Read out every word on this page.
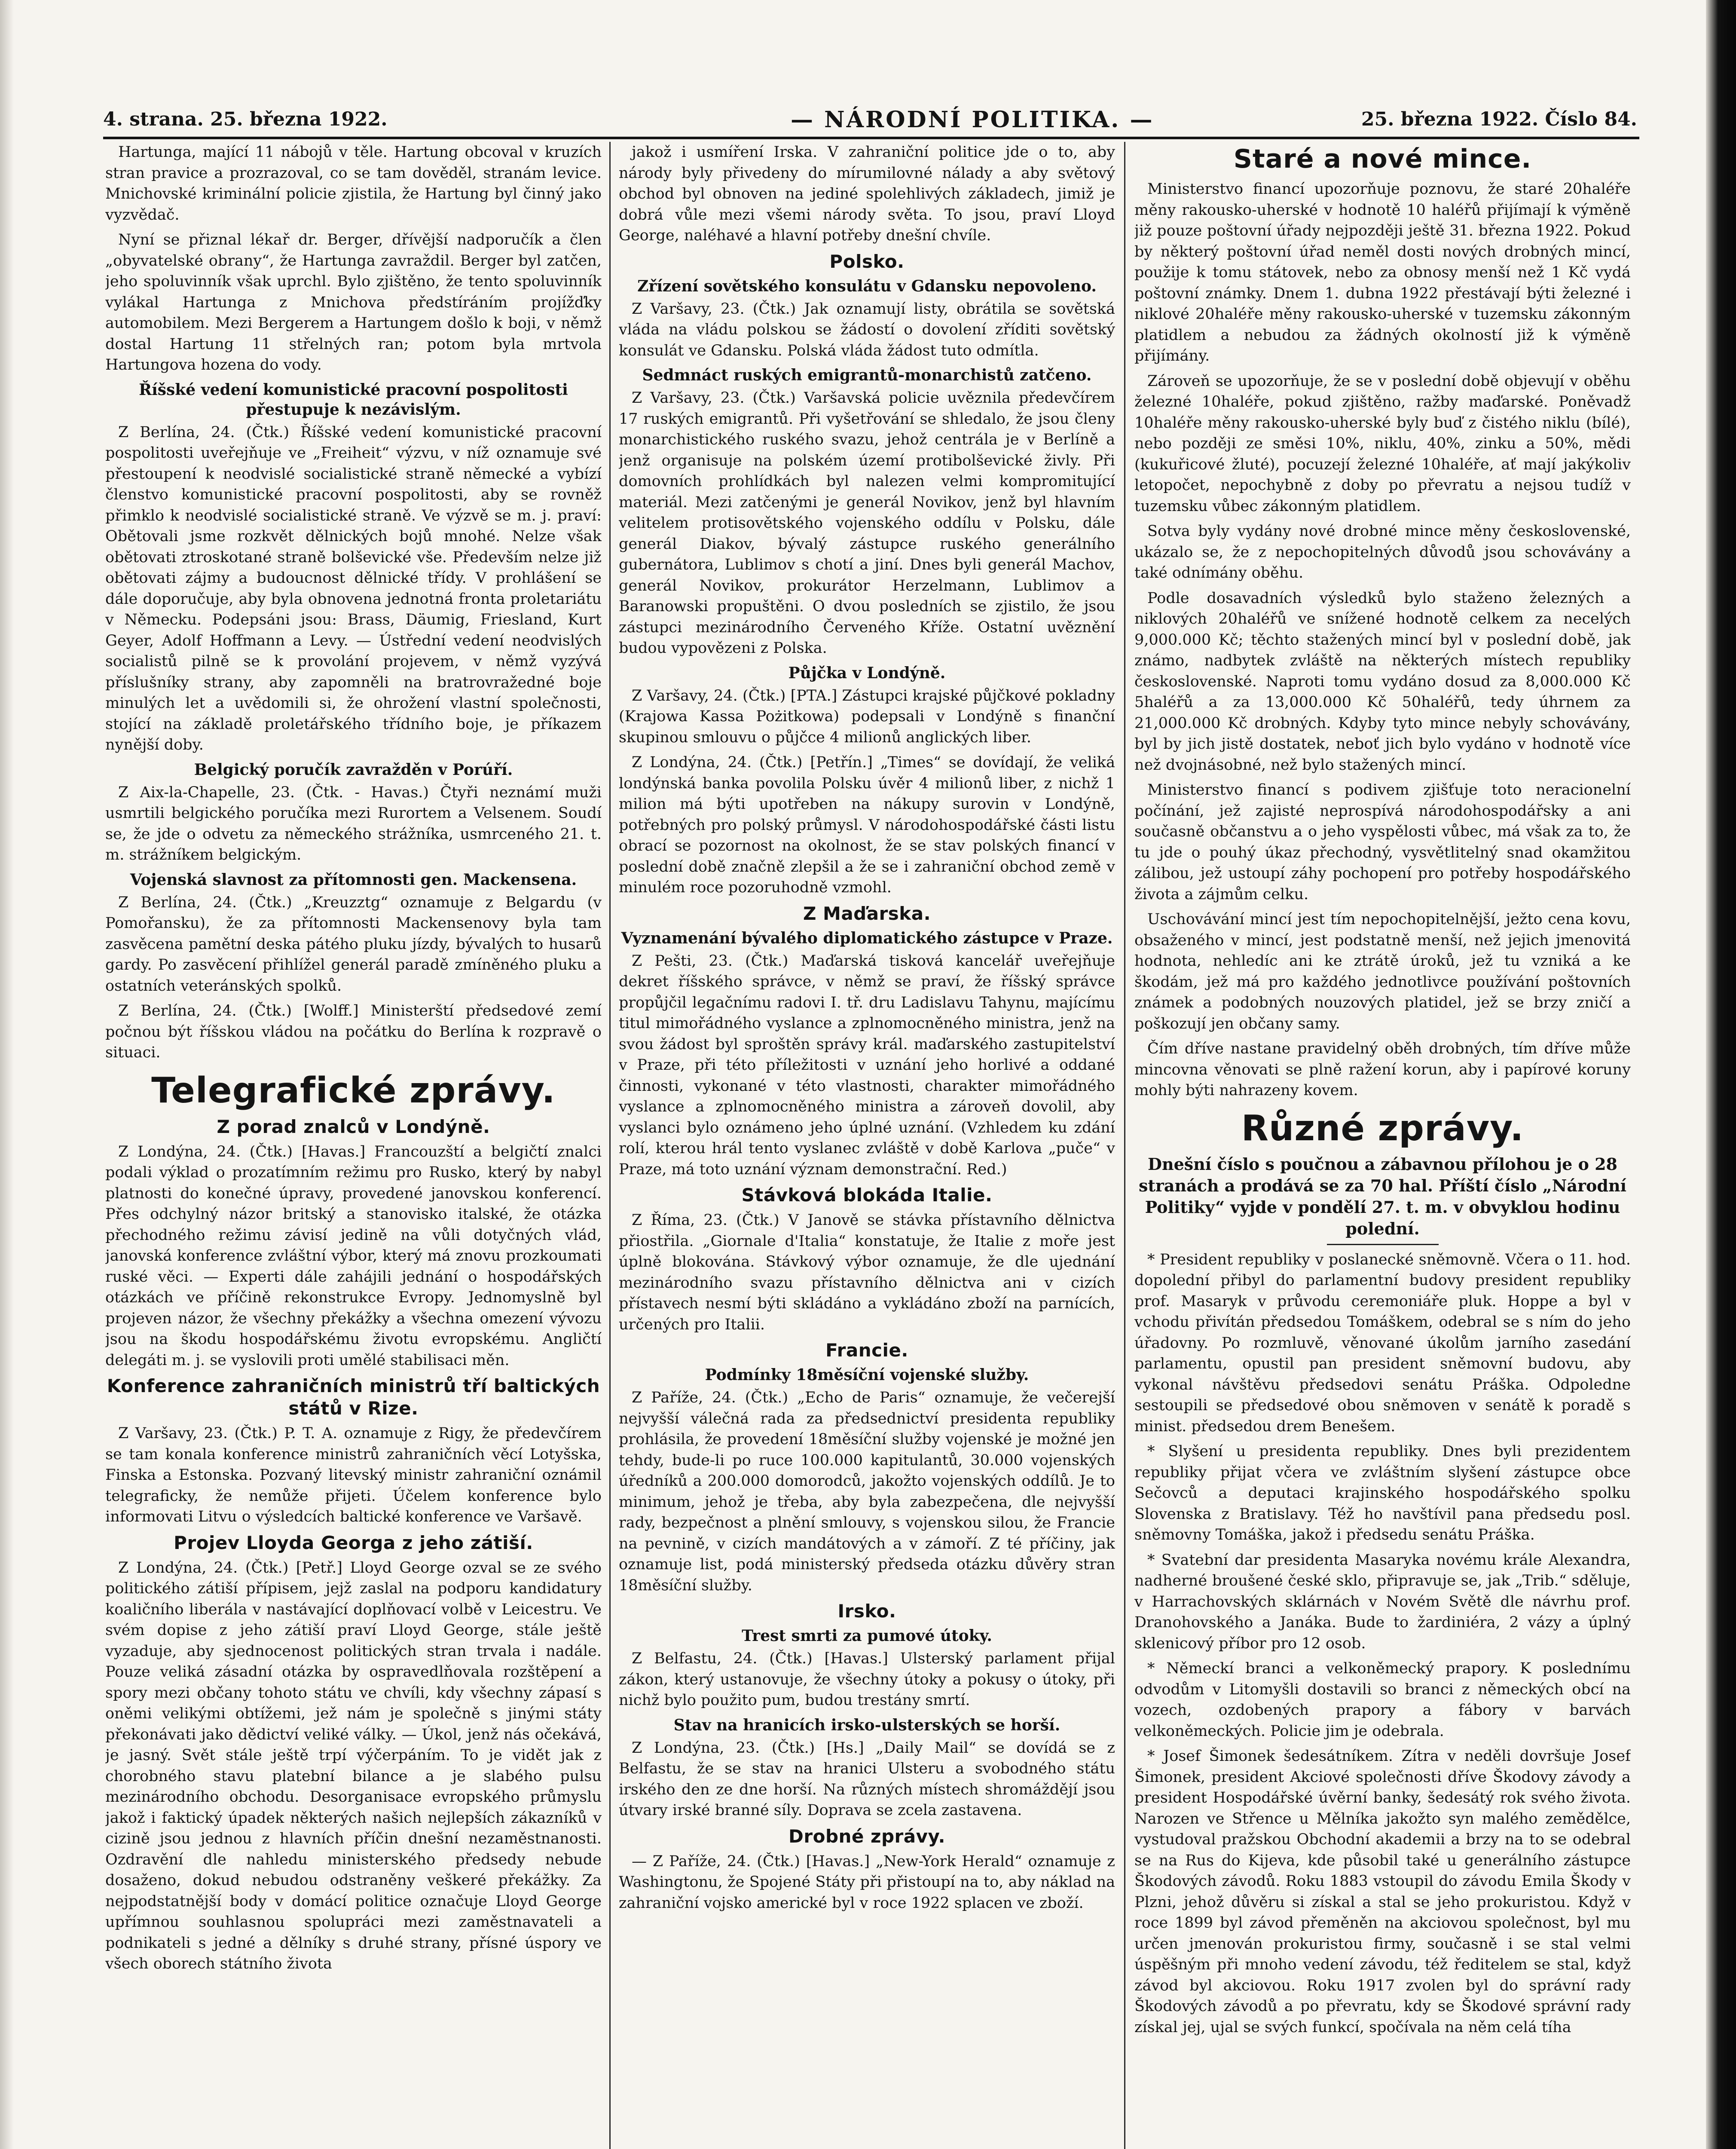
4. strana. 25. března 1922.	— NÁRODNÍ POLITIKA. —	25. března 1922. Číslo 84.

Hartunga, mající 11 nábojů v těle. Hartung obcoval v kruzích stran pravice a prozrazoval, co se tam dověděl, stranám levice. Mnichovské kriminální policie zjistila, že Hartung byl činný jako vyzvědač.

Nyní se přiznal lékař dr. Berger, dřívější nadporučík a člen „obyvatelské obrany“, že Hartunga zavraždil. Berger byl zatčen, jeho spoluvinník však uprchl. Bylo zjištěno, že tento spoluvinník vylákal Hartunga z Mnichova předstíráním projížďky automobilem. Mezi Bergerem a Hartungem došlo k boji, v němž dostal Hartung 11 střelných ran; potom byla mrtvola Hartungova hozena do vody.

Říšské vedení komunistické pracovní pospolitosti přestupuje k nezávislým.

Z Berlína, 24. (Čtk.) Říšské vedení komunistické pracovní pospolitosti uveřejňuje ve „Freiheit“ výzvu, v níž oznamuje své přestoupení k neodvislé socialistické straně německé a vybízí členstvo komunistické pracovní pospolitosti, aby se rovněž přimklo k neodvislé socialistické straně. Ve výzvě se m. j. praví: Obětovali jsme rozkvět dělnických bojů mnohé. Nelze však obětovati ztroskotané straně bolševické vše. Především nelze již obětovati zájmy a budoucnost dělnické třídy. V prohlášení se dále doporučuje, aby byla obnovena jednotná fronta proletariátu v Německu. Podepsáni jsou: Brass, Däumig, Friesland, Kurt Geyer, Adolf Hoffmann a Levy. — Ústřední vedení neodvislých socialistů pilně se k provolání projevem, v němž vyzývá příslušníky strany, aby zapomněli na bratrovražedné boje minulých let a uvědomili si, že ohrožení vlastní společnosti, stojící na základě proletářského třídního boje, je příkazem nynější doby.

Belgický poručík zavražděn v Porúří.

Z Aix-la-Chapelle, 23. (Čtk. - Havas.) Čtyři neznámí muži usmrtili belgického poručíka mezi Rurortem a Velsenem. Soudí se, že jde o odvetu za německého strážníka, usmrceného 21. t. m. strážníkem belgickým.

Vojenská slavnost za přítomnosti gen. Mackensena.

Z Berlína, 24. (Čtk.) „Kreuzztg“ oznamuje z Belgardu (v Pomořansku), že za přítomnosti Mackensenovy byla tam zasvěcena pamětní deska pátého pluku jízdy, bývalých to husarů gardy. Po zasvěcení přihlížel generál paradě zmíněného pluku a ostatních veteránských spolků.

Z Berlína, 24. (Čtk.) [Wolff.] Ministerští předsedové zemí počnou být říšskou vládou na počátku do Berlína k rozpravě o situaci.

Telegrafické zprávy.
Z porad znalců v Londýně.

Z Londýna, 24. (Čtk.) [Havas.] Francouzští a belgičtí znalci podali výklad o prozatímním režimu pro Rusko, který by nabyl platnosti do konečné úpravy, provedené janovskou konferencí. Přes odchylný názor britský a stanovisko italské, že otázka přechodného režimu závisí jedině na vůli dotyčných vlád, janovská konference zvláštní výbor, který má znovu prozkoumati ruské věci. — Experti dále zahájili jednání o hospodářských otázkách ve příčině rekonstrukce Evropy. Jednomyslně byl projeven názor, že všechny překážky a všechna omezení vývozu jsou na škodu hospodářskému životu evropskému. Angličtí delegáti m. j. se vyslovili proti umělé stabilisaci měn.

Konference zahraničních ministrů tří baltických států v Rize.

Z Varšavy, 23. (Čtk.) P. T. A. oznamuje z Rigy, že předevčírem se tam konala konference ministrů zahraničních věcí Lotyšska, Finska a Estonska. Pozvaný litevský ministr zahraniční oznámil telegraficky, že nemůže přijeti. Účelem konference bylo informovati Litvu o výsledcích baltické konference ve Varšavě.

Projev Lloyda Georga z jeho zátiší.

Z Londýna, 24. (Čtk.) [Petř.] Lloyd George ozval se ze svého politického zátiší přípisem, jejž zaslal na podporu kandidatury koaličního liberála v nastávající doplňovací volbě v Leicestru. Ve svém dopise z jeho zátiší praví Lloyd George, stále ještě vyzaduje, aby sjednocenost politických stran trvala i nadále. Pouze veliká zásadní otázka by ospravedlňovala rozštěpení a spory mezi občany tohoto státu ve chvíli, kdy všechny zápasí s oněmi velikými obtížemi, jež nám je společně s jinými státy překonávati jako dědictví veliké války. — Úkol, jenž nás očekává, je jasný. Svět stále ještě trpí výčerpáním. To je vidět jak z chorobného stavu platební bilance a je slabého pulsu mezinárodního obchodu. Desorganisace evropského průmyslu jakož i faktický úpadek některých našich nejlepších zákazníků v cizině jsou jednou z hlavních příčin dnešní nezaměstnanosti. Ozdravění dle nahledu ministerského předsedy nebude dosaženo, dokud nebudou odstraněny veškeré překážky. Za nejpodstatnější body v domácí politice označuje Lloyd George upřímnou souhlasnou spolupráci mezi zaměstnavateli a podnikateli s jedné a dělníky s druhé strany, přísné úspory ve všech oborech státního života

jakož i usmíření Irska. V zahraniční politice jde o to, aby národy byly přivedeny do mírumilovné nálady a aby světový obchod byl obnoven na jediné spolehlivých základech, jimiž je dobrá vůle mezi všemi národy světa. To jsou, praví Lloyd George, naléhavé a hlavní potřeby dnešní chvíle.

Polsko.
Zřízení sovětského konsulátu v Gdansku nepovoleno.

Z Varšavy, 23. (Čtk.) Jak oznamují listy, obrátila se sovětská vláda na vládu polskou se žádostí o dovolení zříditi sovětský konsulát ve Gdansku. Polská vláda žádost tuto odmítla.

Sedmnáct ruských emigrantů-monarchistů zatčeno.

Z Varšavy, 23. (Čtk.) Varšavská policie uvěznila předevčírem 17 ruských emigrantů. Při vyšetřování se shledalo, že jsou členy monarchistického ruského svazu, jehož centrála je v Berlíně a jenž organisuje na polském území protibolševické živly. Při domovních prohlídkách byl nalezen velmi kompromitující materiál. Mezi zatčenými je generál Novikov, jenž byl hlavním velitelem protisovětského vojenského oddílu v Polsku, dále generál Diakov, bývalý zástupce ruského generálního gubernátora, Lublimov s chotí a jiní. Dnes byli generál Machov, generál Novikov, prokurátor Herzelmann, Lublimov a Baranowski propuštěni. O dvou posledních se zjistilo, že jsou zástupci mezinárodního Červeného Kříže. Ostatní uvěznění budou vypovězeni z Polska.

Půjčka v Londýně.

Z Varšavy, 24. (Čtk.) [PTA.] Zástupci krajské půjčkové pokladny (Krajowa Kassa Pożitkowa) podepsali v Londýně s finanční skupinou smlouvu o půjčce 4 milionů anglických liber.

Z Londýna, 24. (Čtk.) [Petřín.] „Times“ se dovídají, že veliká londýnská banka povolila Polsku úvěr 4 milionů liber, z nichž 1 milion má býti upotřeben na nákupy surovin v Londýně, potřebných pro polský průmysl. V národohospodářské části listu obrací se pozornost na okolnost, že se stav polských financí v poslední době značně zlepšil a že se i zahraniční obchod země v minulém roce pozoruhodně vzmohl.

Z Maďarska.
Vyznamenání bývalého diplomatického zástupce v Praze.

Z Pešti, 23. (Čtk.) Maďarská tisková kancelář uveřejňuje dekret říšského správce, v němž se praví, že říšský správce propůjčil legačnímu radovi I. tř. dru Ladislavu Tahynu, majícímu titul mimořádného vyslance a zplnomocněného ministra, jenž na svou žádost byl sproštěn správy král. maďarského zastupitelství v Praze, při této příležitosti v uznání jeho horlivé a oddané činnosti, vykonané v této vlastnosti, charakter mimořádného vyslance a zplnomocněného ministra a zároveň dovolil, aby vyslanci bylo oznámeno jeho úplné uznání. (Vzhledem ku zdání rolí, kterou hrál tento vyslanec zvláště v době Karlova „puče“ v Praze, má toto uznání význam demonstrační. Red.)

Stávková blokáda Italie.

Z Říma, 23. (Čtk.) V Janově se stávka přístavního dělnictva přiostřila. „Giornale d'Italia“ konstatuje, že Italie z moře jest úplně blokována. Stávkový výbor oznamuje, že dle ujednání mezinárodního svazu přístavního dělnictva ani v cizích přístavech nesmí býti skládáno a vykládáno zboží na parnících, určených pro Italii.

Francie.
Podmínky 18měsíční vojenské služby.

Z Paříže, 24. (Čtk.) „Echo de Paris“ oznamuje, že večerejší nejvyšší válečná rada za předsednictví presidenta republiky prohlásila, že provedení 18měsíční služby vojenské je možné jen tehdy, bude-li po ruce 100.000 kapitulantů, 30.000 vojenských úředníků a 200.000 domorodců, jakožto vojenských oddílů. Je to minimum, jehož je třeba, aby byla zabezpečena, dle nejvyšší rady, bezpečnost a plnění smlouvy, s vojenskou silou, že Francie na pevnině, v cizích mandátových a v zámoří. Z té příčiny, jak oznamuje list, podá ministerský předseda otázku důvěry stran 18měsíční služby.

Irsko.
Trest smrti za pumové útoky.

Z Belfastu, 24. (Čtk.) [Havas.] Ulsterský parlament přijal zákon, který ustanovuje, že všechny útoky a pokusy o útoky, při nichž bylo použito pum, budou trestány smrtí.

Stav na hranicích irsko-ulsterských se horší.

Z Londýna, 23. (Čtk.) [Hs.] „Daily Mail“ se dovídá se z Belfastu, že se stav na hranici Ulsteru a svobodného státu irského den ze dne horší. Na různých místech shromáždějí jsou útvary irské branné síly. Doprava se zcela zastavena.

Drobné zprávy.

— Z Paříže, 24. (Čtk.) [Havas.] „New-York Herald“ oznamuje z Washingtonu, že Spojené Státy při přistoupí na to, aby náklad na zahraniční vojsko americké byl v roce 1922 splacen ve zboží.

Staré a nové mince.

Ministerstvo financí upozorňuje poznovu, že staré 20haléře měny rakousko-uherské v hodnotě 10 haléřů přijímají k výměně již pouze poštovní úřady nejpozději ještě 31. března 1922. Pokud by některý poštovní úřad neměl dosti nových drobných mincí, použije k tomu státovek, nebo za obnosy menší než 1 Kč vydá poštovní známky. Dnem 1. dubna 1922 přestávají býti železné i niklové 20haléře měny rakousko-uherské v tuzemsku zákonným platidlem a nebudou za žádných okolností již k výměně přijímány.

Zároveň se upozorňuje, že se v poslední době objevují v oběhu železné 10haléře, pokud zjištěno, ražby maďarské. Poněvadž 10haléře měny rakousko-uherské byly buď z čistého niklu (bílé), nebo později ze směsi 10%, niklu, 40%, zinku a 50%, mědi (kukuřicové žluté), pocuzejí železné 10haléře, ať mají jakýkoliv letopočet, nepochybně z doby po převratu a nejsou tudíž v tuzemsku vůbec zákonným platidlem.

Sotva byly vydány nové drobné mince měny československé, ukázalo se, že z nepochopitelných důvodů jsou schovávány a také odnímány oběhu.

Podle dosavadních výsledků bylo staženo železných a niklových 20haléřů ve snížené hodnotě celkem za necelých 9,000.000 Kč; těchto stažených mincí byl v poslední době, jak známo, nadbytek zvláště na některých místech republiky československé. Naproti tomu vydáno dosud za 8,000.000 Kč 5haléřů a za 13,000.000 Kč 50haléřů, tedy úhrnem za 21,000.000 Kč drobných. Kdyby tyto mince nebyly schovávány, byl by jich jistě dostatek, neboť jich bylo vydáno v hodnotě více než dvojnásobné, než bylo stažených mincí.

Ministerstvo financí s podivem zjišťuje toto neracionelní počínání, jež zajisté neprospívá národohospodářsky a ani současně občanstvu a o jeho vyspělosti vůbec, má však za to, že tu jde o pouhý úkaz přechodný, vysvětlitelný snad okamžitou zálibou, jež ustoupí záhy pochopení pro potřeby hospodářského života a zájmům celku.

Uschovávání mincí jest tím nepochopitelnější, ježto cena kovu, obsaženého v mincí, jest podstatně menší, než jejich jmenovitá hodnota, nehledíc ani ke ztrátě úroků, jež tu vzniká a ke škodám, jež má pro každého jednotlivce používání poštovních známek a podobných nouzových platidel, jež se brzy zničí a poškozují jen občany samy.

Čím dříve nastane pravidelný oběh drobných, tím dříve může mincovna věnovati se plně ražení korun, aby i papírové koruny mohly býti nahrazeny kovem.

Různé zprávy.

Dnešní číslo s poučnou a zábavnou přílohou je o 28 stranách a prodává se za 70 hal. Příští číslo „Národní Politiky“ vyjde v pondělí 27. t. m. v obvyklou hodinu polední.

* President republiky v poslanecké sněmovně. Včera o 11. hod. dopolední přibyl do parlamentní budovy president republiky prof. Masaryk v průvodu ceremoniáře pluk. Hoppe a byl v vchodu přivítán předsedou Tomáškem, odebral se s ním do jeho úřadovny. Po rozmluvě, věnované úkolům jarního zasedání parlamentu, opustil pan president sněmovní budovu, aby vykonal návštěvu předsedovi senátu Práška. Odpoledne sestoupili se předsedové obou sněmoven v senátě k poradě s minist. předsedou drem Benešem.

* Slyšení u presidenta republiky. Dnes byli prezidentem republiky přijat včera ve zvláštním slyšení zástupce obce Sečovců a deputaci krajinského hospodářského spolku Slovenska z Bratislavy. Též ho navštívil pana předsedu posl. sněmovny Tomáška, jakož i předsedu senátu Práška.

* Svatební dar presidenta Masaryka novému krále Alexandra, nadherné broušené české sklo, připravuje se, jak „Trib.“ sděluje, v Harrachovských sklárnách v Novém Světě dle návrhu prof. Dranohovského a Janáka. Bude to žardiniéra, 2 vázy a úplný sklenicový příbor pro 12 osob.

* Německí branci a velkoněmecký prapory. K poslednímu odvodům v Litomyšli dostavili so branci z německých obcí na vozech, ozdobených prapory a fábory v barvách velkoněmeckých. Policie jim je odebrala.

* Josef Šimonek šedesátníkem. Zítra v neděli dovršuje Josef Šimonek, president Akciové společnosti dříve Škodovy závody a president Hospodářské úvěrní banky, šedesátý rok svého života. Narozen ve Střence u Mělníka jakožto syn malého zemědělce, vystudoval pražskou Obchodní akademii a brzy na to se odebral se na Rus do Kijeva, kde působil také u generálního zástupce Škodových závodů. Roku 1883 vstoupil do závodu Emila Škody v Plzni, jehož důvěru si získal a stal se jeho prokuristou. Když v roce 1899 byl závod přeměněn na akciovou společnost, byl mu určen jmenován prokuristou firmy, současně i se stal velmi úspěšným při mnoho vedení závodu, též ředitelem se stal, když závod byl akciovou. Roku 1917 zvolen byl do správní rady Škodových závodů a po převratu, kdy se Škodové správní rady získal jej, ujal se svých funkcí, spočívala na něm celá tíha
